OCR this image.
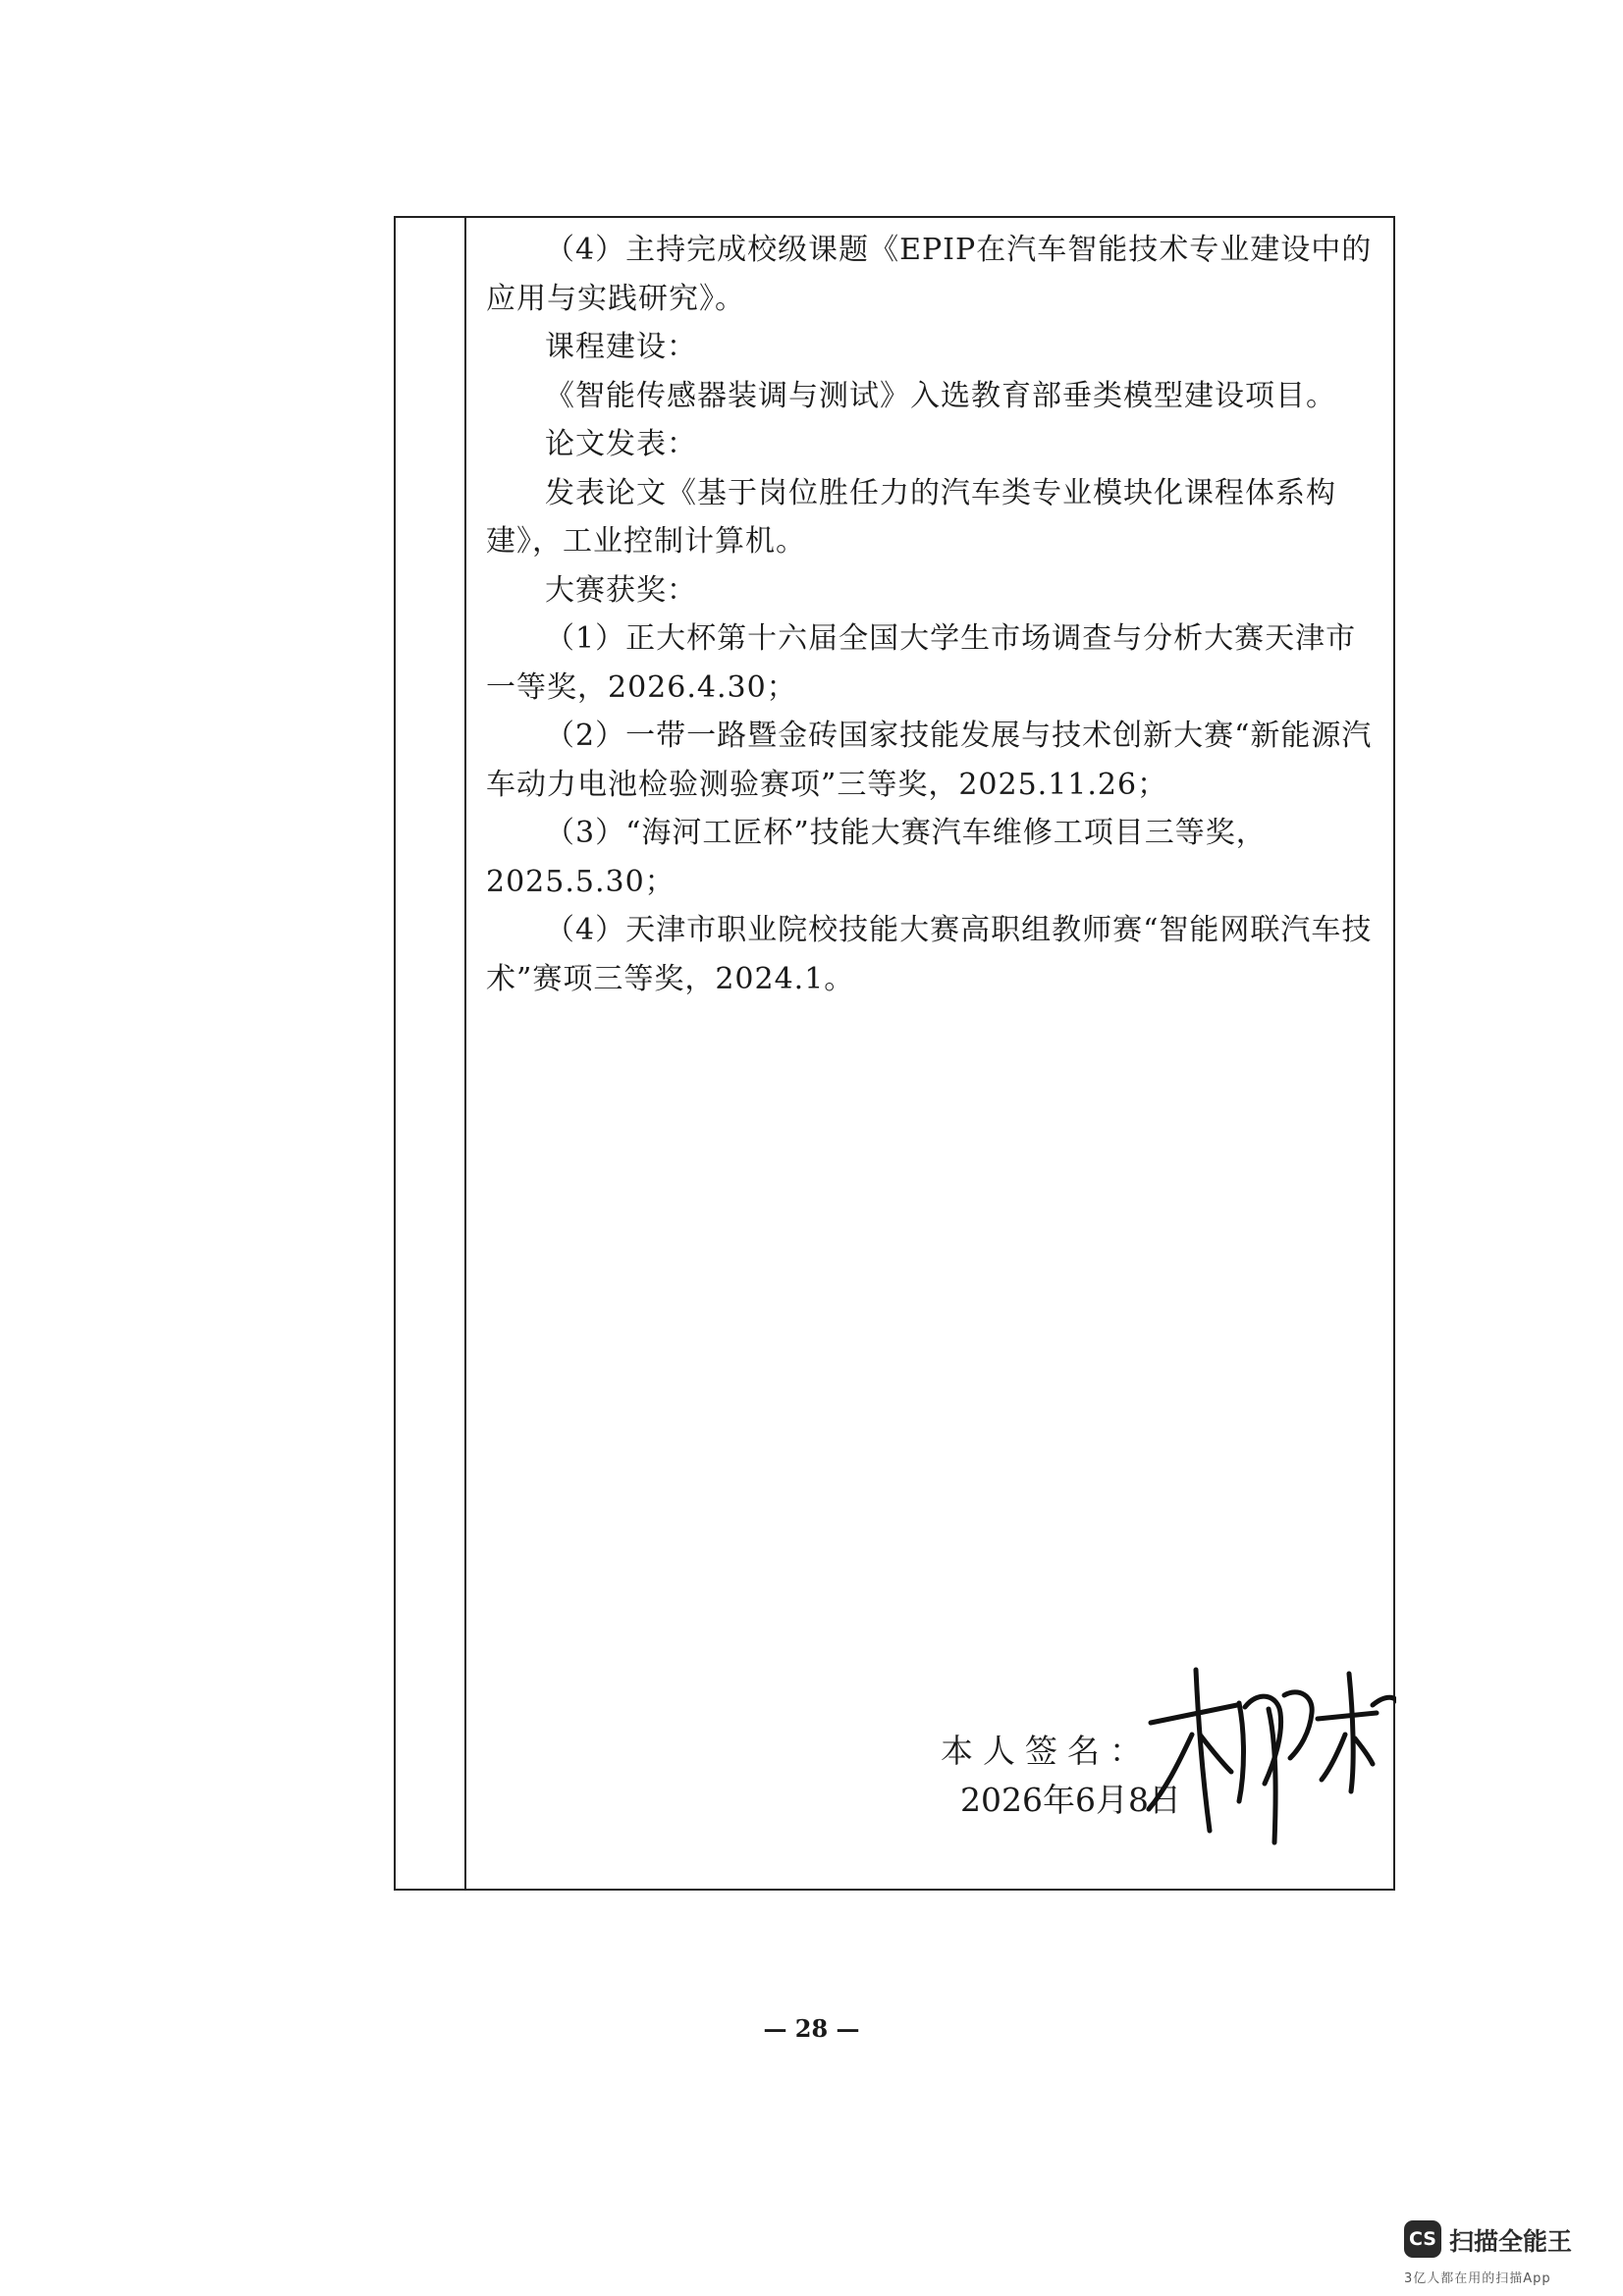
（4）主持完成校级课题《EPIP在汽车智能技术专业建设中的应用与实践研究》。

课程建设：

《智能传感器装调与测试》入选教育部垂类模型建设项目。

论文发表：

发表论文《基于岗位胜任力的汽车类专业模块化课程体系构建》，工业控制计算机。

大赛获奖：

（1）正大杯第十六届全国大学生市场调查与分析大赛天津市一等奖，2026.4.30；

（2）一带一路暨金砖国家技能发展与技术创新大赛“新能源汽车动力电池检验测验赛项”三等奖，2025.11.26；

（3）“海河工匠杯”技能大赛汽车维修工项目三等奖，2025.5.30；

（4）天津市职业院校技能大赛高职组教师赛“智能网联汽车技术”赛项三等奖，2024.1。

本人签名：
2026年6月8日
— 28 —
CS 扫描全能王
3亿人都在用的扫描App
